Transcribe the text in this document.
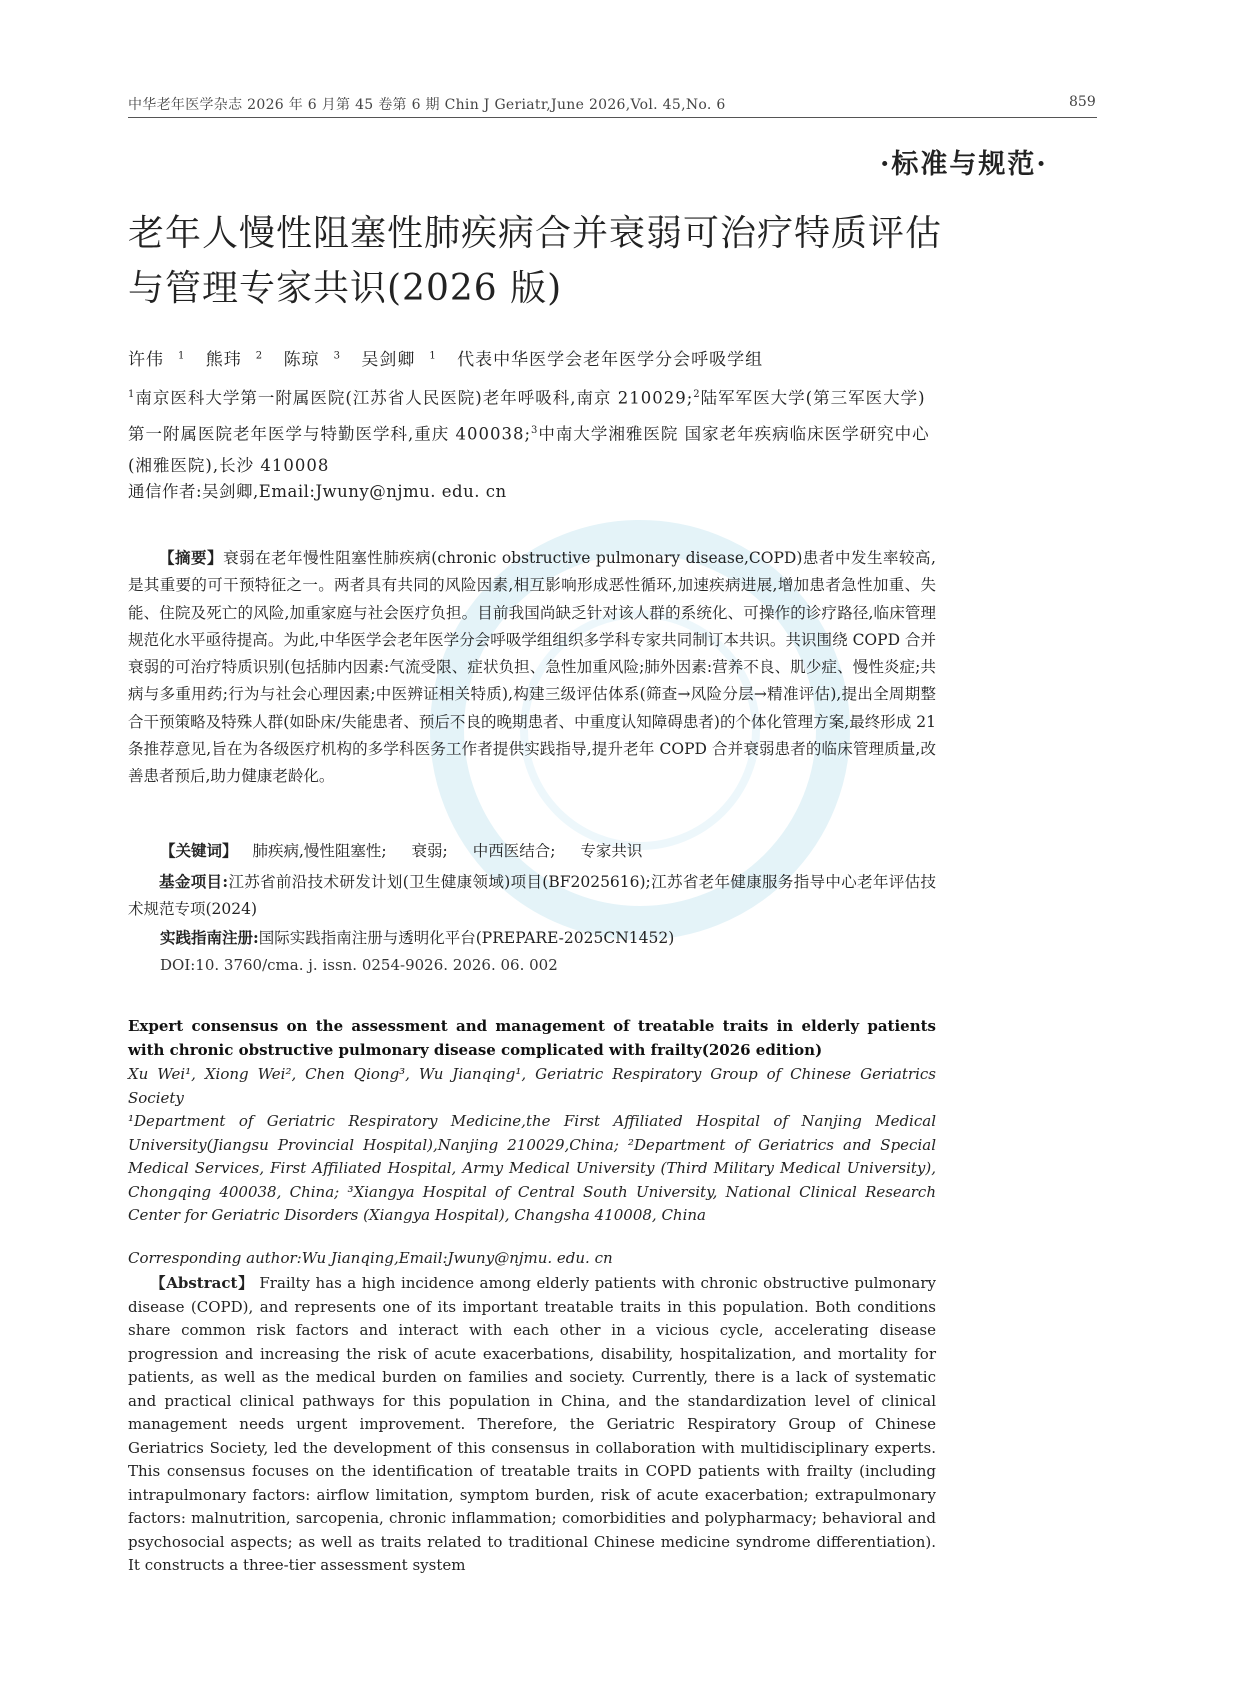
中华老年医学杂志 2026 年 6 月第 45 卷第 6 期 Chin J Geriatr,June 2026,Vol. 45,No. 6	859
·标准与规范·
老年人慢性阻塞性肺疾病合并衰弱可治疗特质评估与管理专家共识(2026 版)
许伟 $^1$ 熊玮 $^2$ 陈琼 $^3$ 吴剑卿 $^1$ 代表中华医学会老年医学分会呼吸学组
$^1$南京医科大学第一附属医院(江苏省人民医院)老年呼吸科,南京 210029;$^2$陆军军医大学(第三军医大学)第一附属医院老年医学与特勤医学科,重庆 400038;$^3$中南大学湘雅医院 国家老年疾病临床医学研究中心(湘雅医院),长沙 410008
通信作者:吴剑卿,Email:Jwuny@njmu. edu. cn
【摘要】衰弱在老年慢性阻塞性肺疾病(chronic obstructive pulmonary disease,COPD)患者中发生率较高,是其重要的可干预特征之一。两者具有共同的风险因素,相互影响形成恶性循环,加速疾病进展,增加患者急性加重、失能、住院及死亡的风险,加重家庭与社会医疗负担。目前我国尚缺乏针对该人群的系统化、可操作的诊疗路径,临床管理规范化水平亟待提高。为此,中华医学会老年医学分会呼吸学组组织多学科专家共同制订本共识。共识围绕 COPD 合并衰弱的可治疗特质识别(包括肺内因素:气流受限、症状负担、急性加重风险;肺外因素:营养不良、肌少症、慢性炎症;共病与多重用药;行为与社会心理因素;中医辨证相关特质),构建三级评估体系(筛查→风险分层→精准评估),提出全周期整合干预策略及特殊人群(如卧床/失能患者、预后不良的晚期患者、中重度认知障碍患者)的个体化管理方案,最终形成 21 条推荐意见,旨在为各级医疗机构的多学科医务工作者提供实践指导,提升老年 COPD 合并衰弱患者的临床管理质量,改善患者预后,助力健康老龄化。
【关键词】 肺疾病,慢性阻塞性; 衰弱; 中西医结合; 专家共识
基金项目:江苏省前沿技术研发计划(卫生健康领域)项目(BF2025616);江苏省老年健康服务指导中心老年评估技术规范专项(2024)
实践指南注册:国际实践指南注册与透明化平台(PREPARE-2025CN1452)
DOI:10. 3760/cma. j. issn. 0254-9026. 2026. 06. 002
Expert consensus on the assessment and management of treatable traits in elderly patients with chronic obstructive pulmonary disease complicated with frailty(2026 edition)
Xu Wei¹, Xiong Wei², Chen Qiong³, Wu Jianqing¹, Geriatric Respiratory Group of Chinese Geriatrics Society
¹Department of Geriatric Respiratory Medicine,the First Affiliated Hospital of Nanjing Medical University(Jiangsu Provincial Hospital),Nanjing 210029,China; ²Department of Geriatrics and Special Medical Services, First Affiliated Hospital, Army Medical University (Third Military Medical University), Chongqing 400038, China; ³Xiangya Hospital of Central South University, National Clinical Research Center for Geriatric Disorders (Xiangya Hospital), Changsha 410008, China
Corresponding author:Wu Jianqing,Email:Jwuny@njmu. edu. cn
【Abstract】 Frailty has a high incidence among elderly patients with chronic obstructive pulmonary disease (COPD), and represents one of its important treatable traits in this population. Both conditions share common risk factors and interact with each other in a vicious cycle, accelerating disease progression and increasing the risk of acute exacerbations, disability, hospitalization, and mortality for patients, as well as the medical burden on families and society. Currently, there is a lack of systematic and practical clinical pathways for this population in China, and the standardization level of clinical management needs urgent improvement. Therefore, the Geriatric Respiratory Group of Chinese Geriatrics Society, led the development of this consensus in collaboration with multidisciplinary experts. This consensus focuses on the identification of treatable traits in COPD patients with frailty (including intrapulmonary factors: airflow limitation, symptom burden, risk of acute exacerbation; extrapulmonary factors: malnutrition, sarcopenia, chronic inflammation; comorbidities and polypharmacy; behavioral and psychosocial aspects; as well as traits related to traditional Chinese medicine syndrome differentiation). It constructs a three-tier assessment system
